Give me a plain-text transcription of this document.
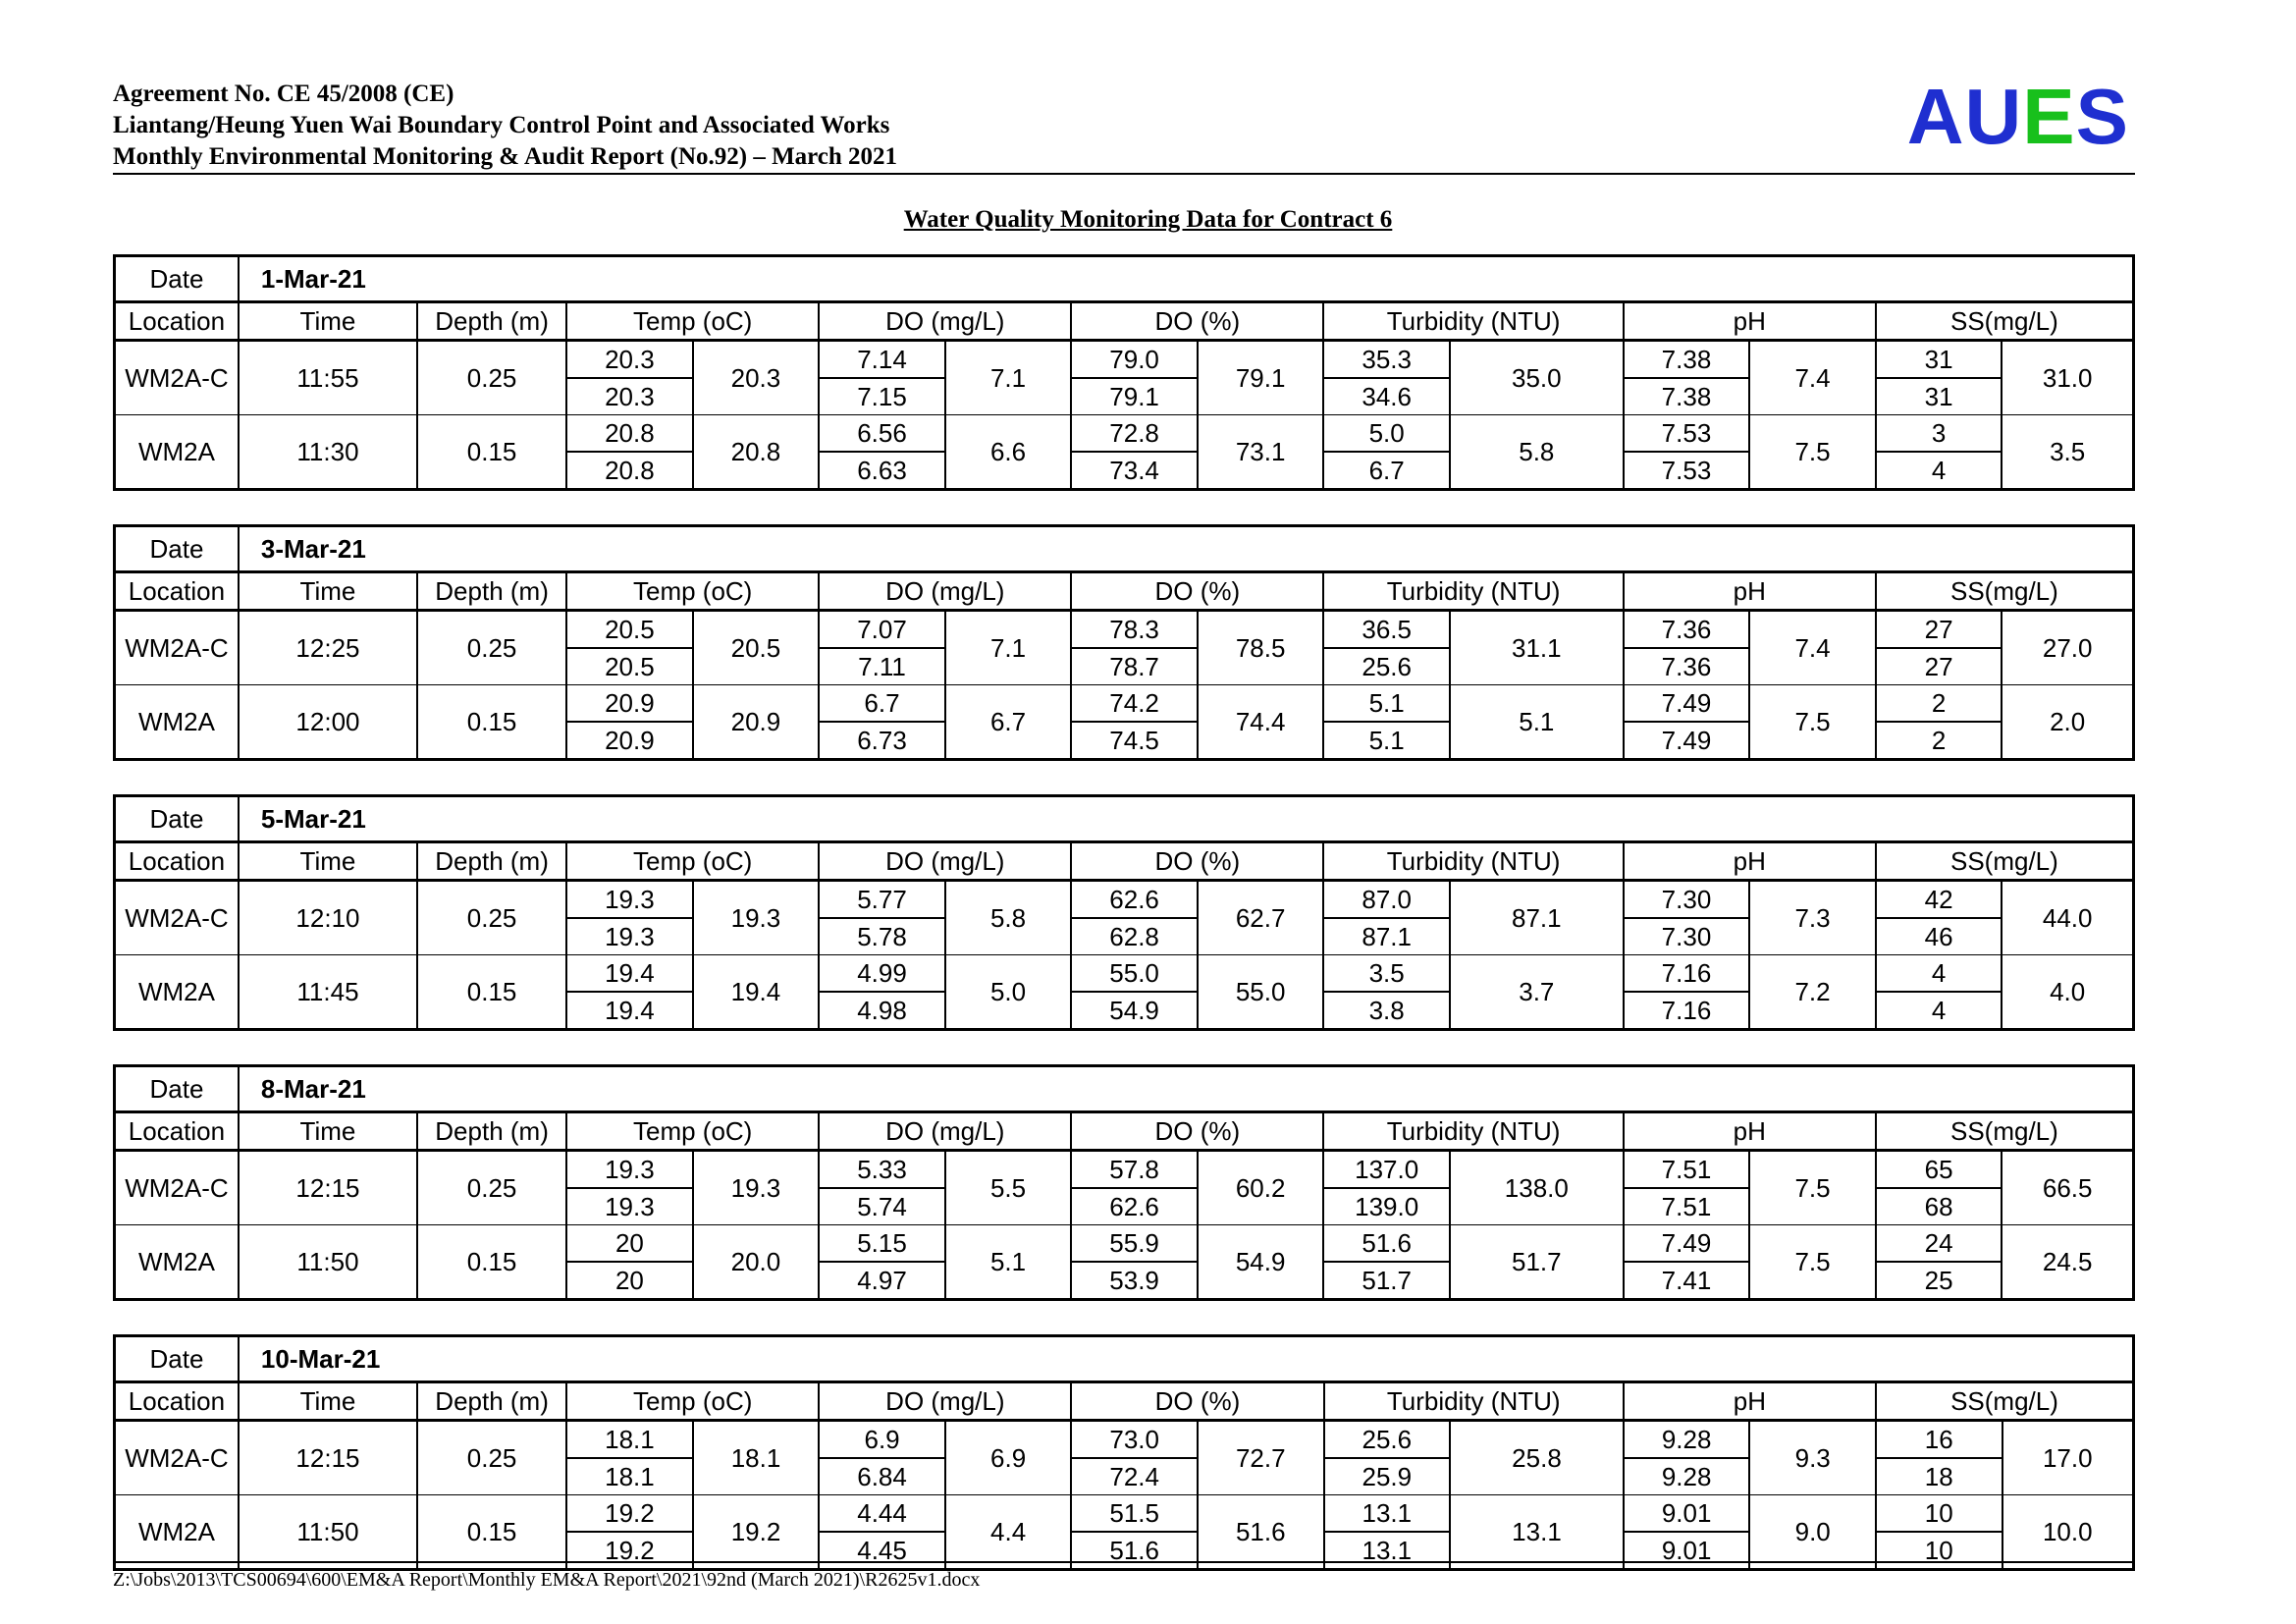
Agreement No. CE 45/2008 (CE)
Liantang/Heung Yuen Wai Boundary Control Point and Associated Works
Monthly Environmental Monitoring & Audit Report (No.92) – March 2021	AUES
Water Quality Monitoring Data for Contract 6
Date	1-Mar-21													
Location	Time	Depth (m)	Temp (oC)		DO (mg/L)		DO (%)		Turbidity (NTU)		pH		SS(mg/L)	
WM2A-C	11:55	0.25	20.3	20.3	7.14	7.1	79.0	79.1	35.3	35.0	7.38	7.4	31	31.0
			20.3		7.15		79.1		34.6		7.38		31	
WM2A	11:30	0.15	20.8	20.8	6.56	6.6	72.8	73.1	5.0	5.8	7.53	7.5	3	3.5
			20.8		6.63		73.4		6.7		7.53		4	
Date	3-Mar-21													
Location	Time	Depth (m)	Temp (oC)		DO (mg/L)		DO (%)		Turbidity (NTU)		pH		SS(mg/L)	
WM2A-C	12:25	0.25	20.5	20.5	7.07	7.1	78.3	78.5	36.5	31.1	7.36	7.4	27	27.0
			20.5		7.11		78.7		25.6		7.36		27	
WM2A	12:00	0.15	20.9	20.9	6.7	6.7	74.2	74.4	5.1	5.1	7.49	7.5	2	2.0
			20.9		6.73		74.5		5.1		7.49		2	
Date	5-Mar-21													
Location	Time	Depth (m)	Temp (oC)		DO (mg/L)		DO (%)		Turbidity (NTU)		pH		SS(mg/L)	
WM2A-C	12:10	0.25	19.3	19.3	5.77	5.8	62.6	62.7	87.0	87.1	7.30	7.3	42	44.0
			19.3		5.78		62.8		87.1		7.30		46	
WM2A	11:45	0.15	19.4	19.4	4.99	5.0	55.0	55.0	3.5	3.7	7.16	7.2	4	4.0
			19.4		4.98		54.9		3.8		7.16		4	
Date	8-Mar-21													
Location	Time	Depth (m)	Temp (oC)		DO (mg/L)		DO (%)		Turbidity (NTU)		pH		SS(mg/L)	
WM2A-C	12:15	0.25	19.3	19.3	5.33	5.5	57.8	60.2	137.0	138.0	7.51	7.5	65	66.5
			19.3		5.74		62.6		139.0		7.51		68	
WM2A	11:50	0.15	20	20.0	5.15	5.1	55.9	54.9	51.6	51.7	7.49	7.5	24	24.5
			20		4.97		53.9		51.7		7.41		25	
Date	10-Mar-21													
Location	Time	Depth (m)	Temp (oC)		DO (mg/L)		DO (%)		Turbidity (NTU)		pH		SS(mg/L)	
WM2A-C	12:15	0.25	18.1	18.1	6.9	6.9	73.0	72.7	25.6	25.8	9.28	9.3	16	17.0
			18.1		6.84		72.4		25.9		9.28		18	
WM2A	11:50	0.15	19.2	19.2	4.44	4.4	51.5	51.6	13.1	13.1	9.01	9.0	10	10.0
			19.2		4.45		51.6		13.1		9.01		10	
Z:\Jobs\2013\TCS00694\600\EM&A Report\Monthly EM&A Report\2021\92nd (March 2021)\R2625v1.docx
